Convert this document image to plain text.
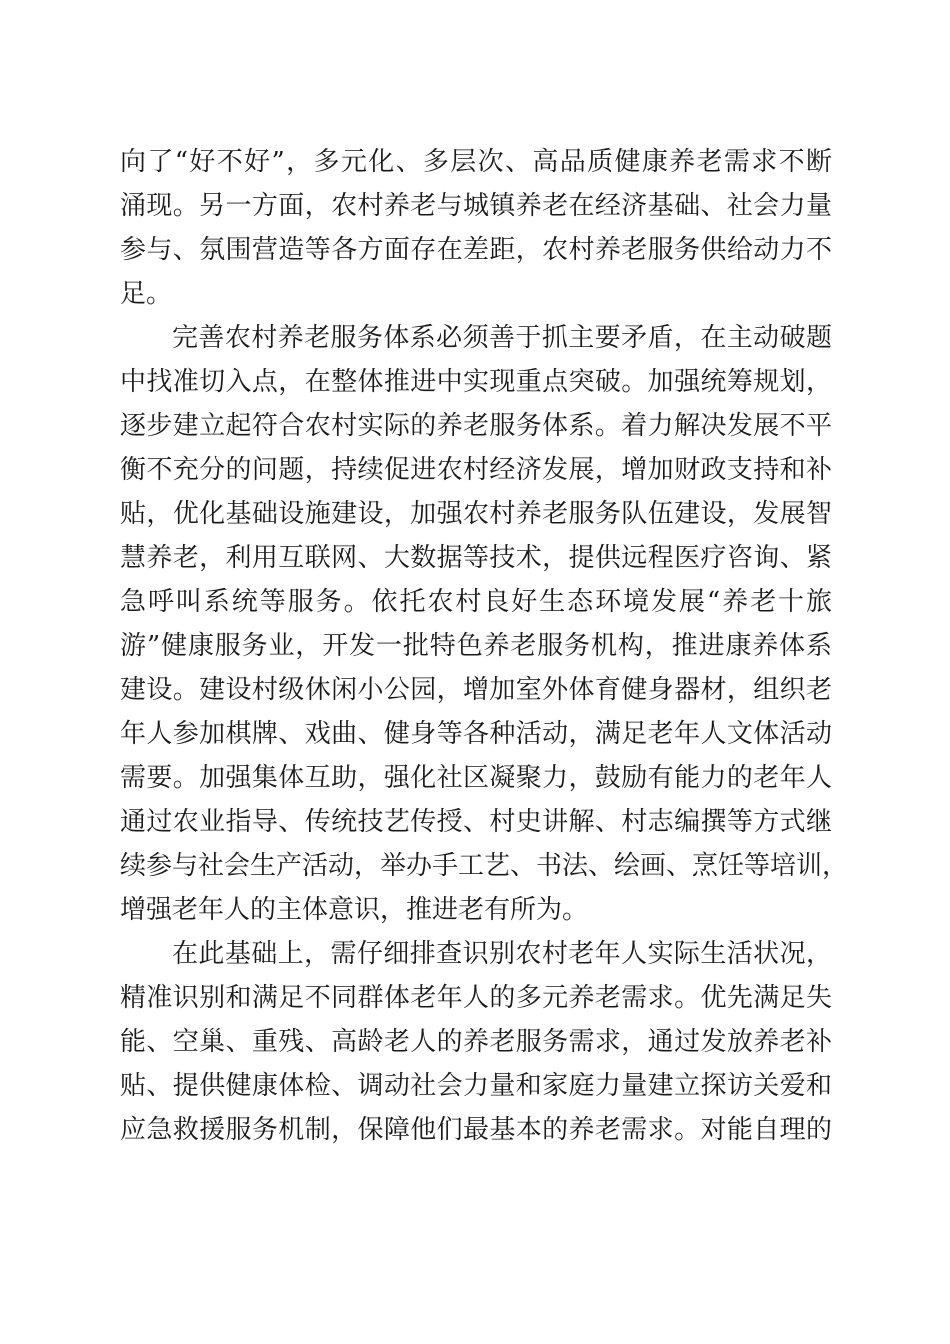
向了“好不好”，多元化、多层次、高品质健康养老需求不断
涌现。另一方面，农村养老与城镇养老在经济基础、社会力量
参与、氛围营造等各方面存在差距，农村养老服务供给动力不
足。
完善农村养老服务体系必须善于抓主要矛盾，在主动破题
中找准切入点，在整体推进中实现重点突破。加强统筹规划，
逐步建立起符合农村实际的养老服务体系。着力解决发展不平
衡不充分的问题，持续促进农村经济发展，增加财政支持和补
贴，优化基础设施建设，加强农村养老服务队伍建设，发展智
慧养老，利用互联网、大数据等技术，提供远程医疗咨询、紧
急呼叫系统等服务。依托农村良好生态环境发展“养老十旅
游”健康服务业，开发一批特色养老服务机构，推进康养体系
建设。建设村级休闲小公园，增加室外体育健身器材，组织老
年人参加棋牌、戏曲、健身等各种活动，满足老年人文体活动
需要。加强集体互助，强化社区凝聚力，鼓励有能力的老年人
通过农业指导、传统技艺传授、村史讲解、村志编撰等方式继
续参与社会生产活动，举办手工艺、书法、绘画、烹饪等培训，
增强老年人的主体意识，推进老有所为。
在此基础上，需仔细排查识别农村老年人实际生活状况，
精准识别和满足不同群体老年人的多元养老需求。优先满足失
能、空巢、重残、高龄老人的养老服务需求，通过发放养老补
贴、提供健康体检、调动社会力量和家庭力量建立探访关爱和
应急救援服务机制，保障他们最基本的养老需求。对能自理的
